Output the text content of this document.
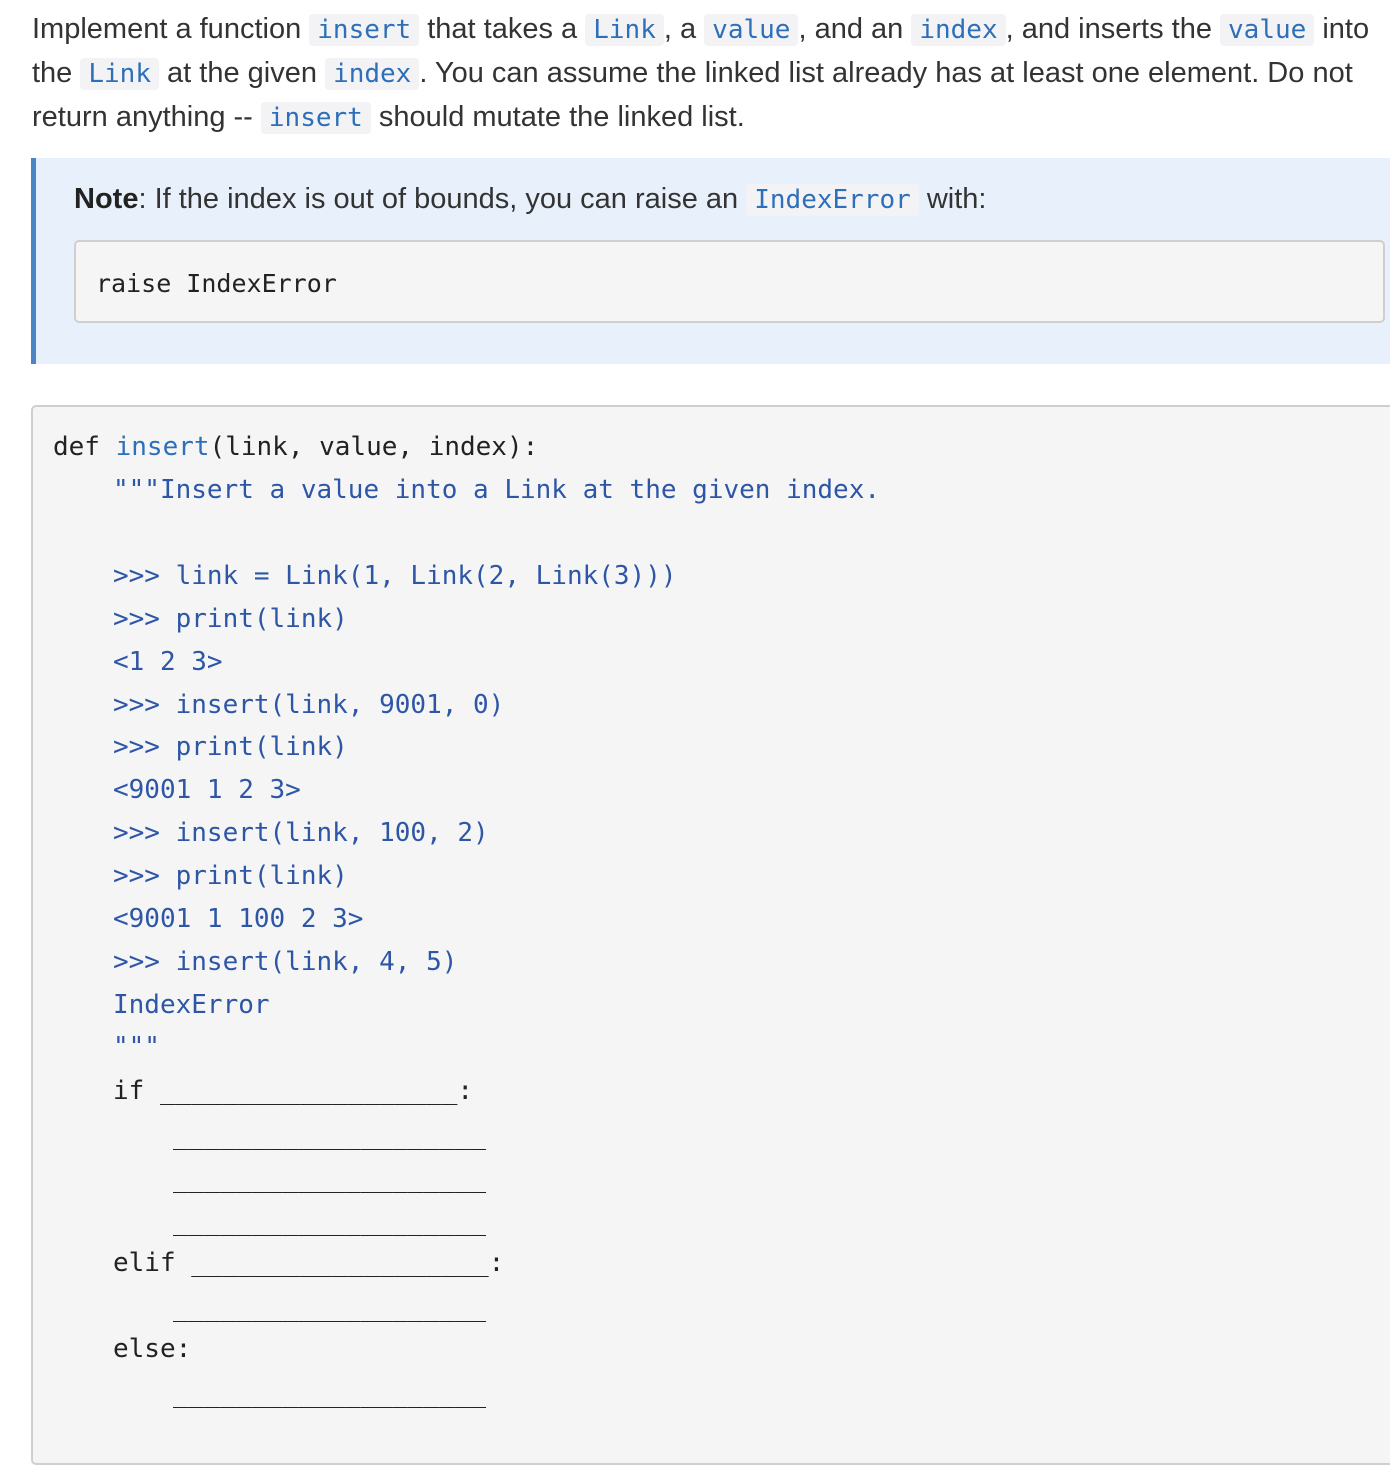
Implement a function insert that takes a Link , a value , and an index , and inserts the value into the Link at the given index . You can assume the linked list already has at least one element. Do not return anything -- insert should mutate the linked list.

Note: If the index is out of bounds, you can raise an IndexError with:

raise IndexError
def insert(link, value, index):
"""Insert a value into a Link at the given index.
>>> link = Link(1, Link(2, Link(3)))
>>> print(link)
<1 2 3>
>>> insert(link, 9001, 0)
>>> print(link)
<9001 1 2 3>
>>> insert(link, 100, 2)
>>> print(link)
<9001 1 100 2 3>
>>> insert(link, 4, 5)
IndexError
"""
if ___________________:
____________________
____________________
____________________
elif ___________________:
____________________
else:
____________________
